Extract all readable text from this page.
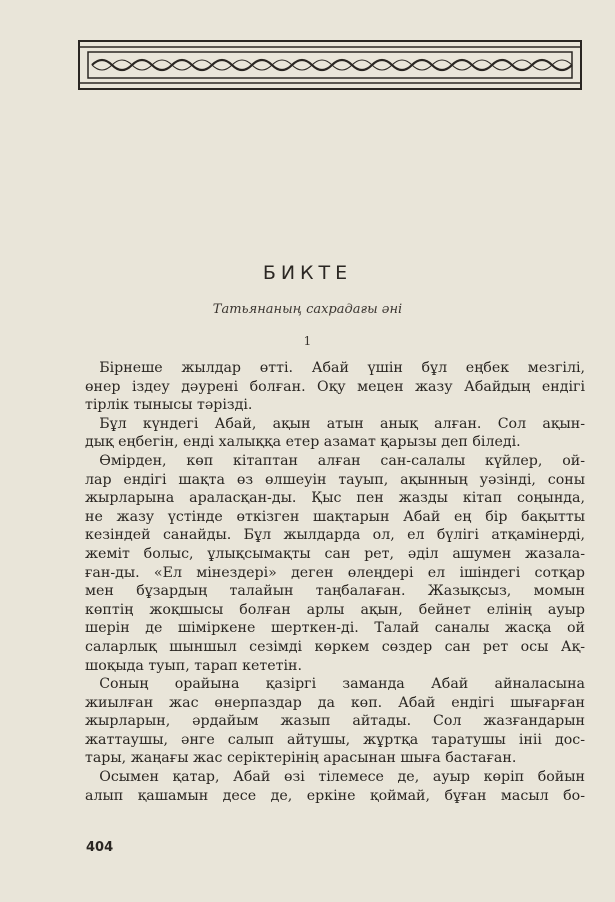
БИКТЕ
Татьянаның сахрадағы әні
1
 Бірнеше жылдар өтті. Абай үшін бұл еңбек мезгілі,
өнер іздеу дәуренi болған. Оқу мецен жазу Абайдың ендігі
тірлік тынысы тәрізді.
 Бұл күндегі Абай, ақын атын анық алған. Сол ақын-
дық еңбегін, енді халыққа етер азамат қарызы деп біледі.
 Өмірден, көп кітаптан алған сан-салалы күйлер, ой-
лар ендігі шақта өз өлшеуін тауып, ақынның уәзінді, соны
жырларына араласқан-ды. Қыс пен жазды кітап соңында,
не жазу үстінде өткізген шақтарын Абай ең бір бақытты
кезіндей санайды. Бұл жылдарда ол, ел бүлігі атқамінерді,
жеміт болыс, ұлықсымақты сан рет, әділ ашумен жазала-
ған-ды. «Ел мінездері» деген өлеңдері ел ішіндегі сотқар
мен бұзардың талайын таңбалаған. Жазықсыз, момын
көптің жоқшысы болған арлы ақын, бейнет елінің ауыр
шерін де шіміркене шерткен-ді. Талай саналы жасқа ой
саларлық шыншыл сезімді көркем сөздер сан рет осы Ақ-
шоқыда туып, тарап кететін.
 Соның орайына қазіргі заманда Абай айналасына
жиылған жас өнерпаздар да көп. Абай ендігі шығарған
жырларын, әрдайым жазып айтады. Сол жазғандарын
жаттаушы, әнге салып айтушы, жұртқа таратушы ініі дос-
тары, жаңағы жас серіктерінің арасынан шыға бастаған.
 Осымен қатар, Абай өзі тілемесе де, ауыр көріп бойын
алып қашамын десе де, еркіне қоймай, бұған масыл бо-
404
